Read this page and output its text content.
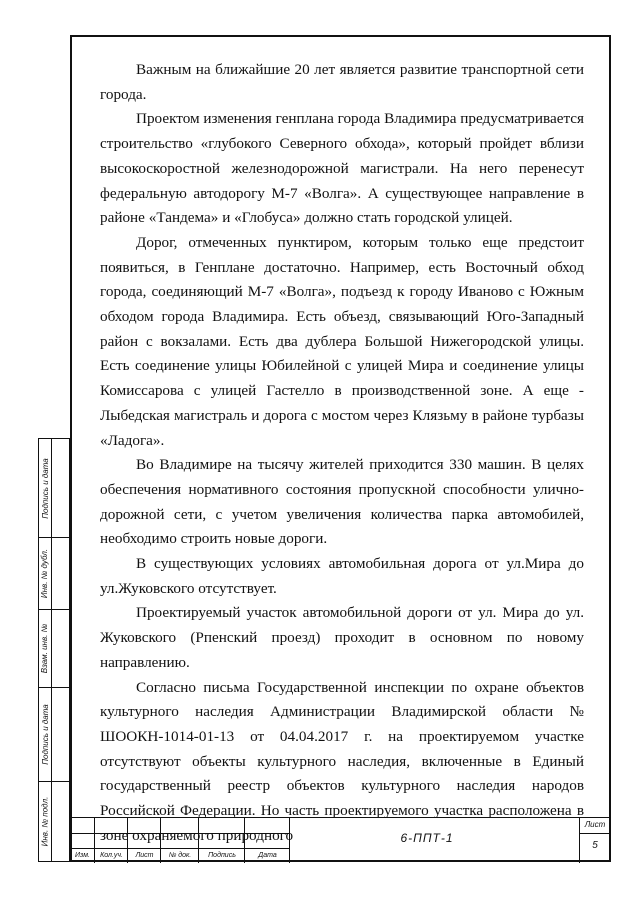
Важным на ближайшие 20 лет является развитие транспортной сети города.

Проектом изменения генплана города Владимира предусматривается строительство «глубокого Северного обхода», который пройдет вблизи высокоскоростной железнодорожной магистрали. На него перенесут федеральную автодорогу М-7 «Волга». А существующее направление в районе «Тандема» и «Глобуса» должно стать городской улицей.

Дорог, отмеченных пунктиром, которым только еще предстоит появиться, в Генплане достаточно. Например, есть Восточный обход города, соединяющий М-7 «Волга», подъезд к городу Иваново с Южным обходом города Владимира. Есть объезд, связывающий Юго-Западный район с вокзалами. Есть два дублера Большой Нижегородской улицы. Есть соединение улицы Юбилейной с улицей Мира и соединение улицы Комиссарова с улицей Гастелло в производственной зоне. А еще - Лыбедская магистраль и дорога с мостом через Клязьму в районе турбазы «Ладога».

Во Владимире на тысячу жителей приходится 330 машин. В целях обеспечения нормативного состояния пропускной способности улично-дорожной сети, с учетом увеличения количества парка автомобилей, необходимо строить новые дороги.

В существующих условиях автомобильная дорога от ул.Мира до ул.Жуковского отсутствует.

Проектируемый участок автомобильной дороги от ул. Мира до ул. Жуковского (Рпенский проезд) проходит в основном по новому направлению.

Согласно письма Государственной инспекции по охране объектов культурного наследия Администрации Владимирской области № ШООКН-1014-01-13 от 04.04.2017 г. на проектируемом участке отсутствуют объекты культурного наследия, включенные в Единый государственный реестр объектов культурного наследия народов Российской Федерации. Но часть проектируемого участка расположена в зоне охраняемого природного

Подпись и дата
Инв. № дубл.
Взам. инв. №
Подпись и дата
Инв. № подл.
Изм.	Кол.уч.	Лист	№ док.	Подпись	Дата
6-ППТ-1
Лист
5
